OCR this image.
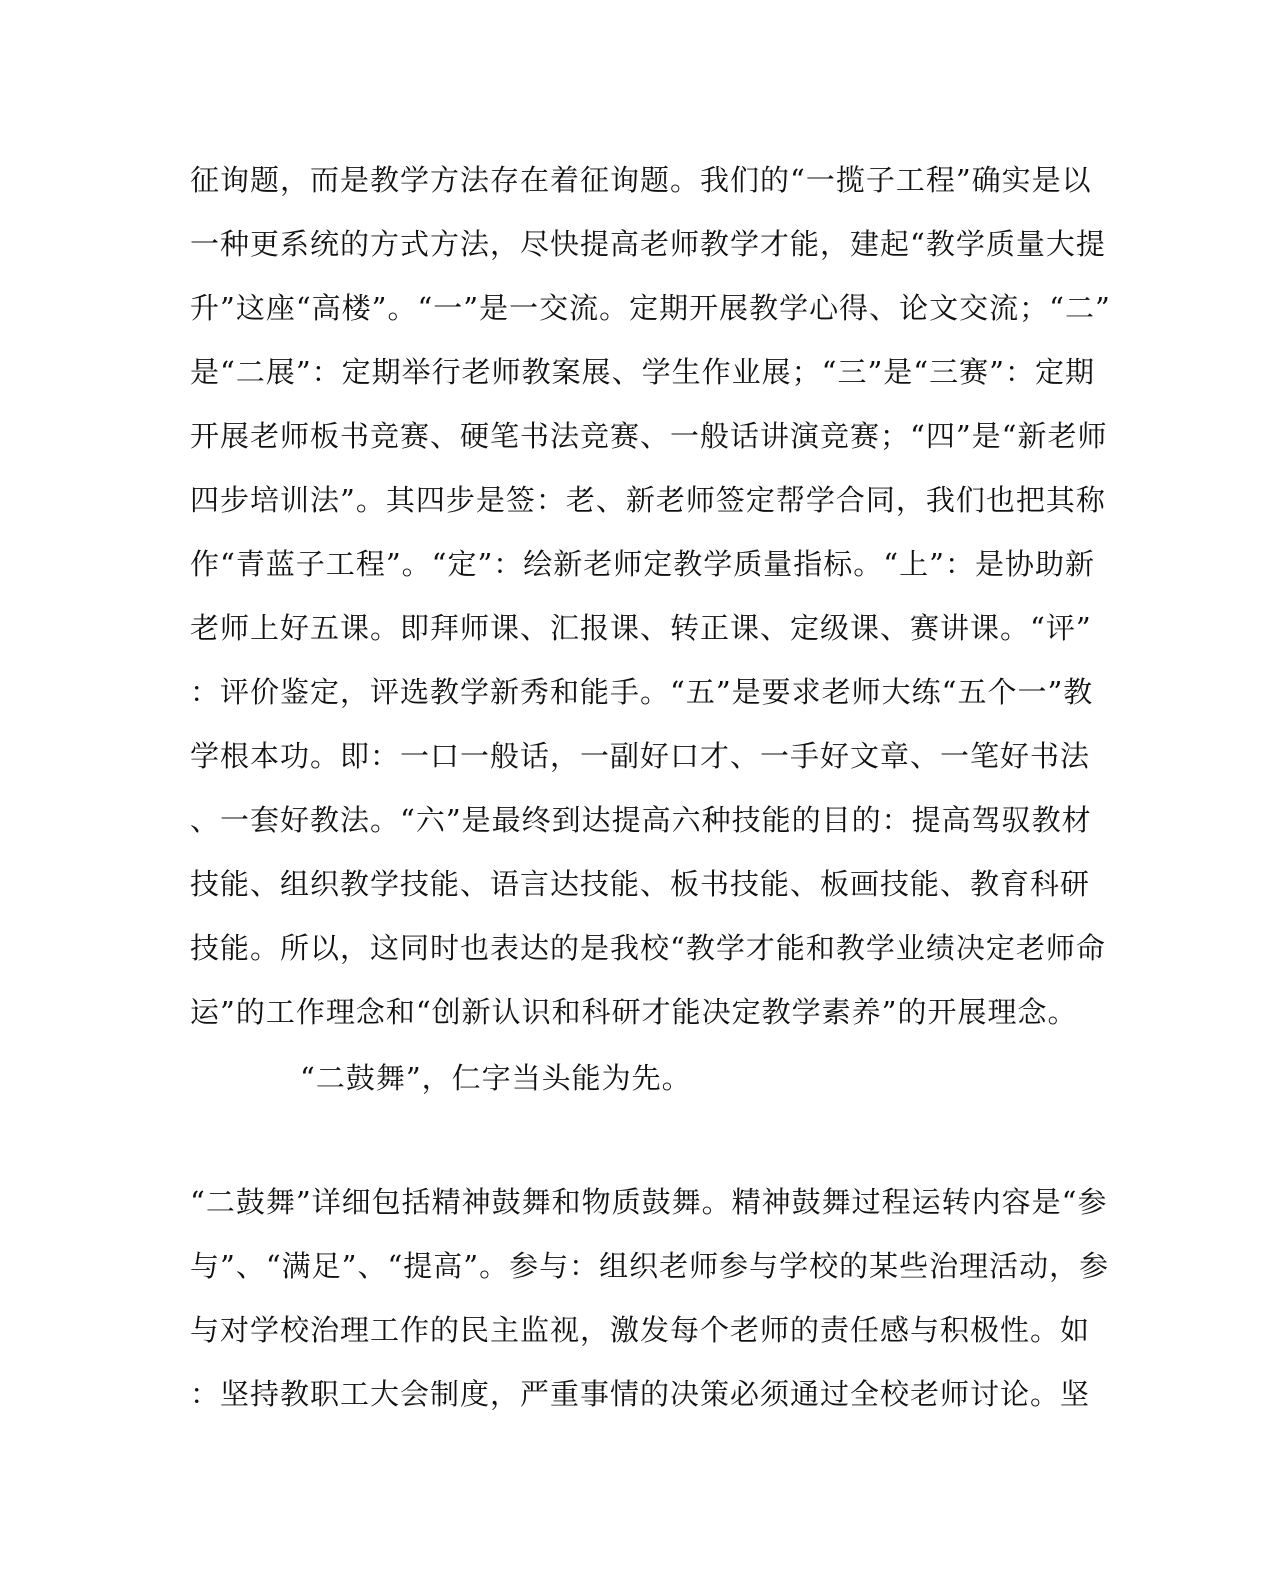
征询题，而是教学方法存在着征询题。我们的“一揽子工程”确实是以
一种更系统的方式方法，尽快提高老师教学才能，建起“教学质量大提
升”这座“高楼”。“一”是一交流。定期开展教学心得、论文交流；“二”
是“二展”：定期举行老师教案展、学生作业展；“三”是“三赛”：定期
开展老师板书竞赛、硬笔书法竞赛、一般话讲演竞赛；“四”是“新老师
四步培训法”。其四步是签：老、新老师签定帮学合同，我们也把其称
作“青蓝子工程”。“定”：绘新老师定教学质量指标。“上”：是协助新
老师上好五课。即拜师课、汇报课、转正课、定级课、赛讲课。“评”
：评价鉴定，评选教学新秀和能手。“五”是要求老师大练“五个一”教
学根本功。即：一口一般话，一副好口才、一手好文章、一笔好书法
、一套好教法。“六”是最终到达提高六种技能的目的：提高驾驭教材
技能、组织教学技能、语言达技能、板书技能、板画技能、教育科研
技能。所以，这同时也表达的是我校“教学才能和教学业绩决定老师命
运”的工作理念和“创新认识和科研才能决定教学素养”的开展理念。
“二鼓舞”，仁字当头能为先。
“二鼓舞”详细包括精神鼓舞和物质鼓舞。精神鼓舞过程运转内容是“参
与”、“满足”、“提高”。参与：组织老师参与学校的某些治理活动，参
与对学校治理工作的民主监视，激发每个老师的责任感与积极性。如
：坚持教职工大会制度，严重事情的决策必须通过全校老师讨论。坚
